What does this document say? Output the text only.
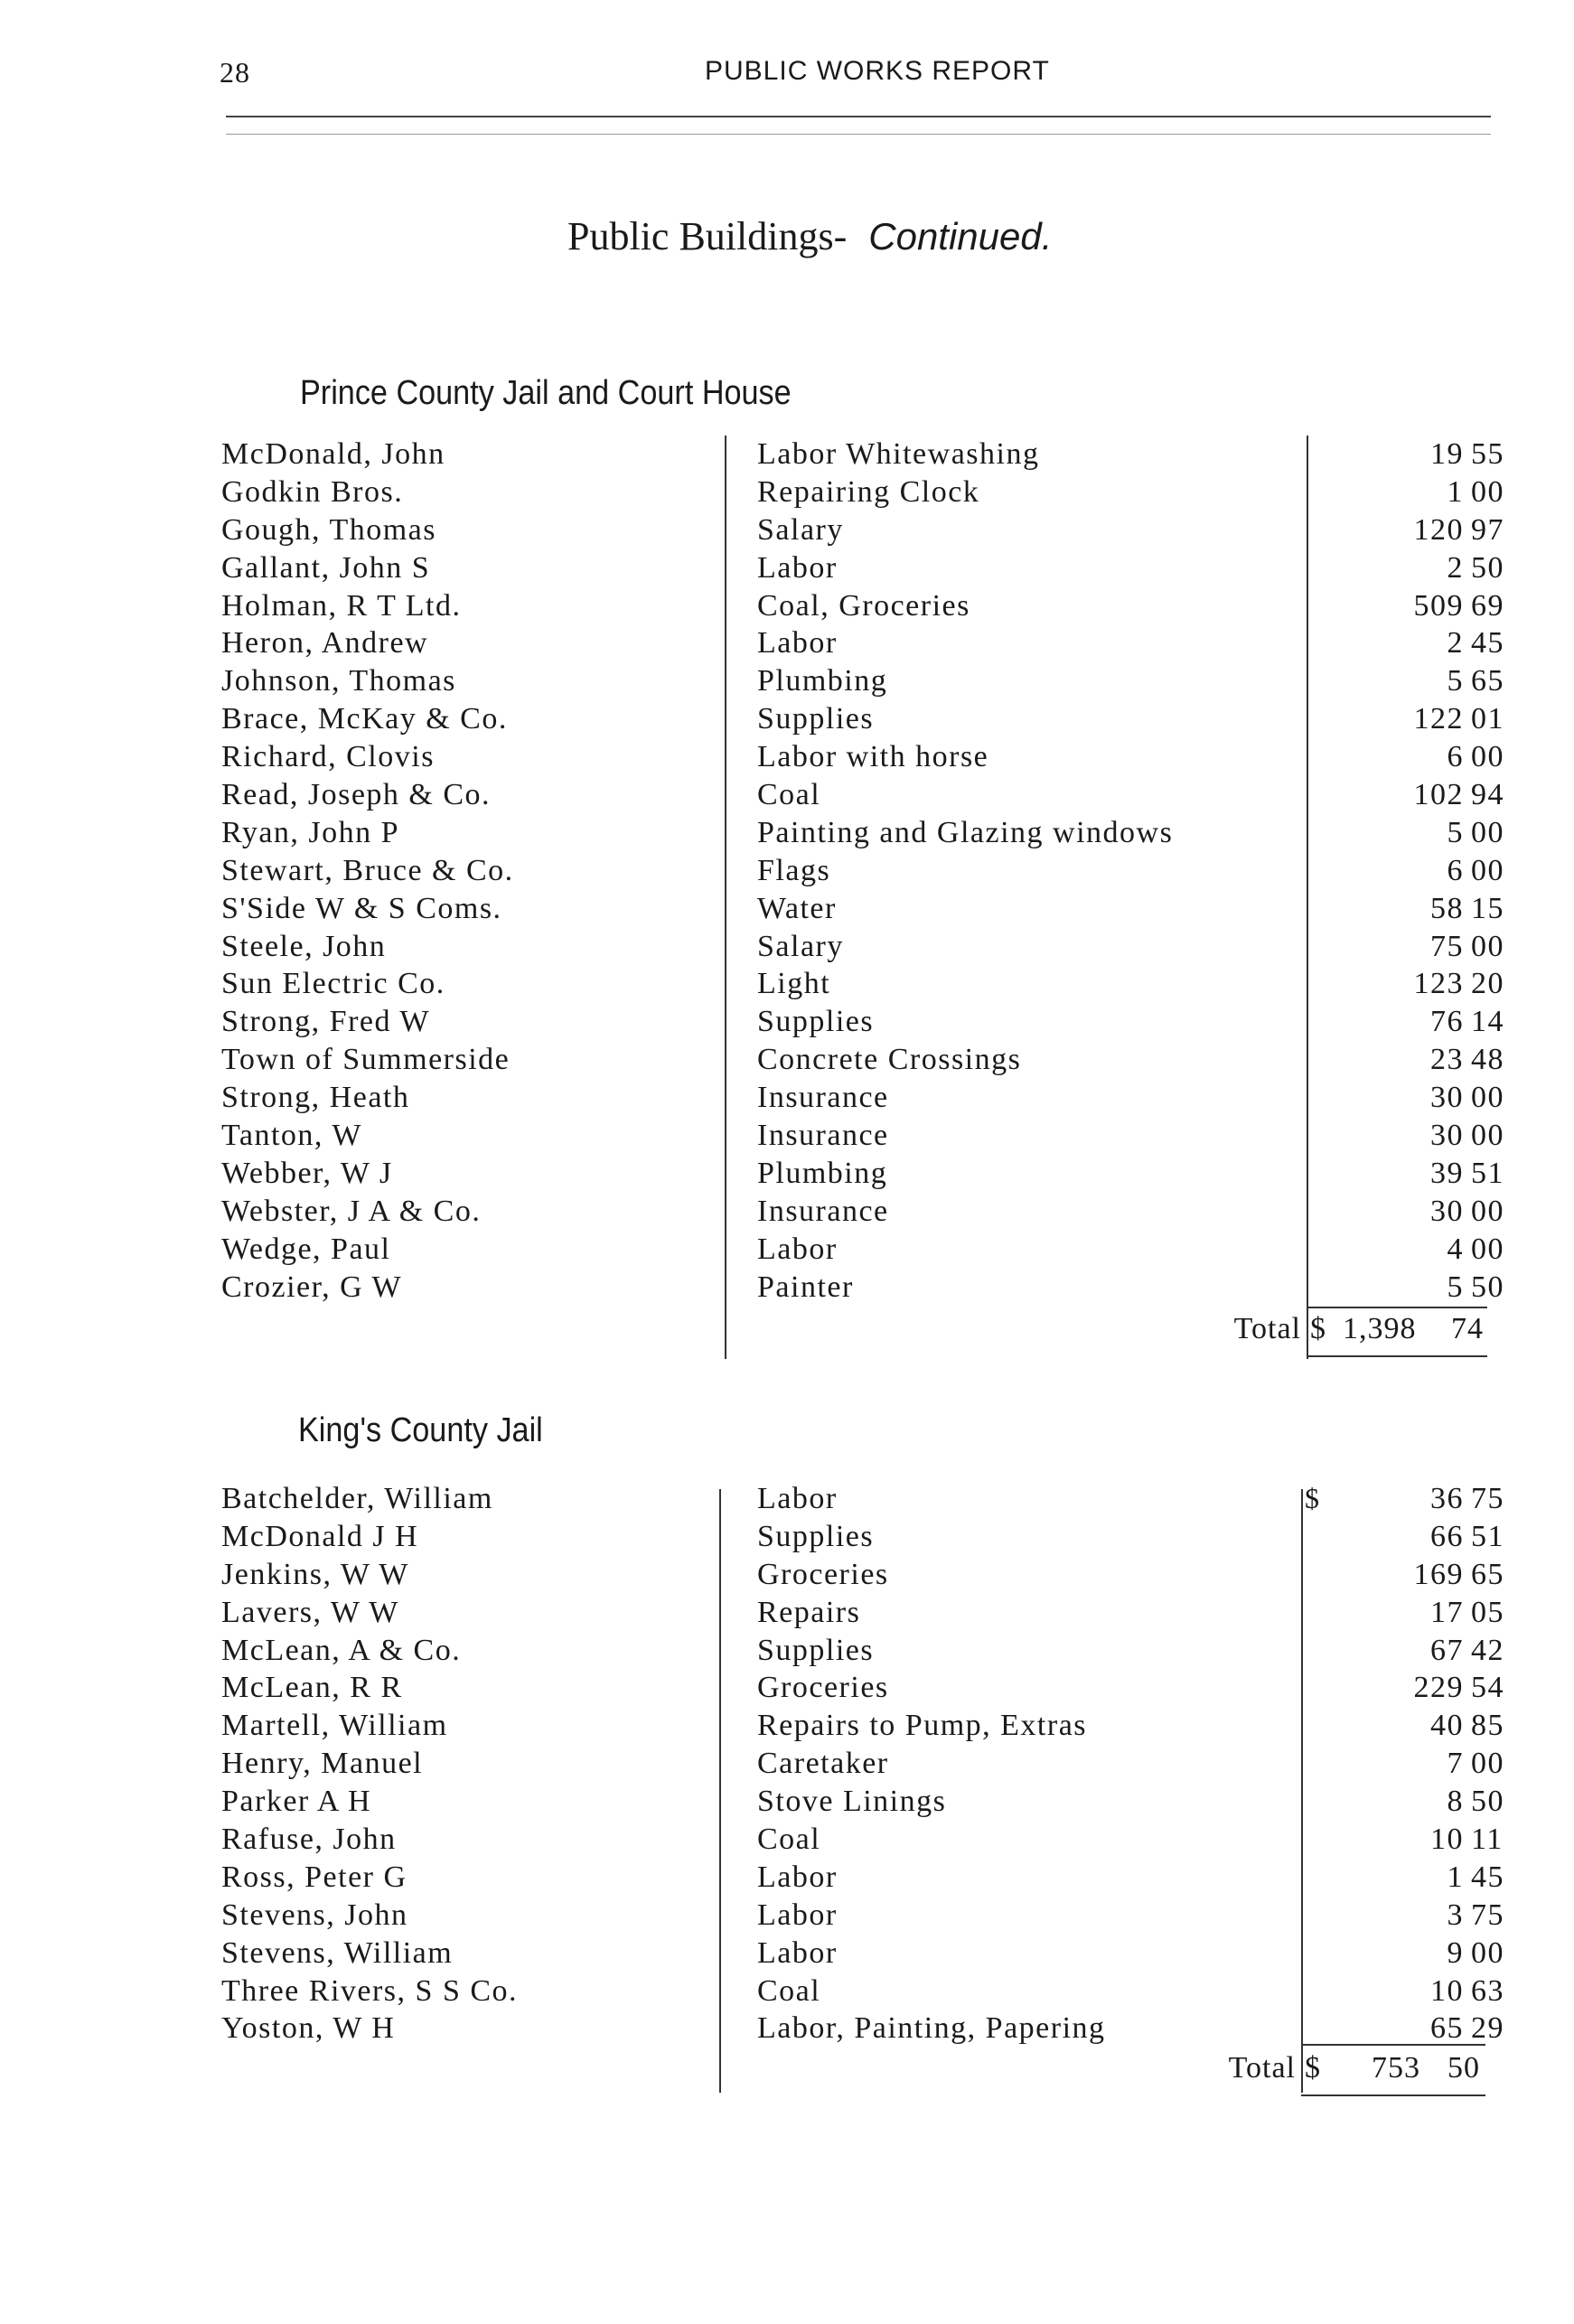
28	PUBLIC WORKS REPORT
Public Buildings- Continued.
Prince County Jail and Court House
McDonald, John	Labor Whitewashing	19 55
Godkin Bros.	Repairing Clock	1 00
Gough, Thomas	Salary	120 97
Gallant, John S	Labor	2 50
Holman, R T Ltd.	Coal, Groceries	509 69
Heron, Andrew	Labor	2 45
Johnson, Thomas	Plumbing	5 65
Brace, McKay & Co.	Supplies	122 01
Richard, Clovis	Labor with horse	6 00
Read, Joseph & Co.	Coal	102 94
Ryan, John P	Painting and Glazing windows	5 00
Stewart, Bruce & Co.	Flags	6 00
S'Side W & S Coms.	Water	58 15
Steele, John	Salary	75 00
Sun Electric Co.	Light	123 20
Strong, Fred W	Supplies	76 14
Town of Summerside	Concrete Crossings	23 48
Strong, Heath	Insurance	30 00
Tanton, W	Insurance	30 00
Webber, W J	Plumbing	39 51
Webster, J A & Co.	Insurance	30 00
Wedge, Paul	Labor	4 00
Crozier, G W	Painter	5 50
Total $ 1,398 74
King's County Jail
Batchelder, William	Labor	36 75
McDonald J H	Supplies	66 51
Jenkins, W W	Groceries	169 65
Lavers, W W	Repairs	17 05
McLean, A & Co.	Supplies	67 42
McLean, R R	Groceries	229 54
Martell, William	Repairs to Pump, Extras	40 85
Henry, Manuel	Caretaker	7 00
Parker A H	Stove Linings	8 50
Rafuse, John	Coal	10 11
Ross, Peter G	Labor	1 45
Stevens, John	Labor	3 75
Stevens, William	Labor	9 00
Three Rivers, S S Co.	Coal	10 63
Yoston, W H	Labor, Painting, Papering	65 29
$
Total $ 753 50
